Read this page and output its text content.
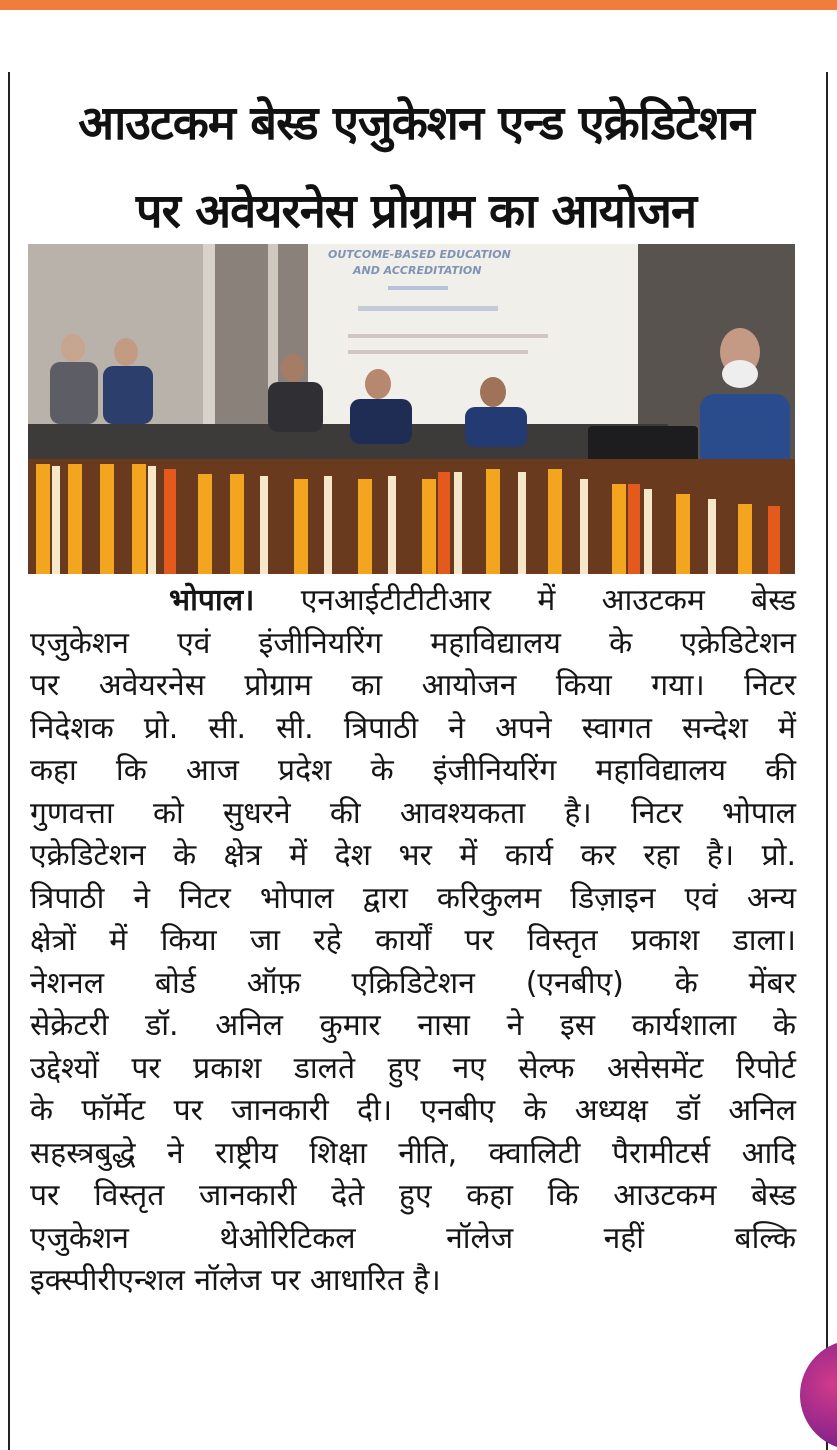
आउटकम बेस्ड एजुकेशन एन्ड एक्रेडिटेशन
पर अवेयरनेस प्रोग्राम का आयोजन
OUTCOME-BASED EDUCATION
AND ACCREDITATION
भोपाल। एनआईटीटीटीआर में आउटकम बेस्ड
एजुकेशन एवं इंजीनियरिंग महाविद्यालय के एक्रेडिटेशन
पर अवेयरनेस प्रोग्राम का आयोजन किया गया। निटर
निदेशक प्रो. सी. सी. त्रिपाठी ने अपने स्वागत सन्देश में
कहा कि आज प्रदेश के इंजीनियरिंग महाविद्यालय की
गुणवत्ता को सुधरने की आवश्यकता है। निटर भोपाल
एक्रेडिटेशन के क्षेत्र में देश भर में कार्य कर रहा है। प्रो.
त्रिपाठी ने निटर भोपाल द्वारा करिकुलम डिज़ाइन एवं अन्य
क्षेत्रों में किया जा रहे कार्यों पर विस्तृत प्रकाश डाला।
नेशनल बोर्ड ऑफ़ एक्रिडिटेशन (एनबीए) के मेंबर
सेक्रेटरी डॉ. अनिल कुमार नासा ने इस कार्यशाला के
उद्देश्यों पर प्रकाश डालते हुए नए सेल्फ असेसमेंट रिपोर्ट
के फॉर्मेट पर जानकारी दी। एनबीए के अध्यक्ष डॉ अनिल
सहस्त्रबुद्धे ने राष्ट्रीय शिक्षा नीति, क्वालिटी पैरामीटर्स आदि
पर विस्तृत जानकारी देते हुए कहा कि आउटकम बेस्ड
एजुकेशन थेओरिटिकल नॉलेज नहीं बल्कि
इक्स्पीरीएन्शल नॉलेज पर आधारित है।
